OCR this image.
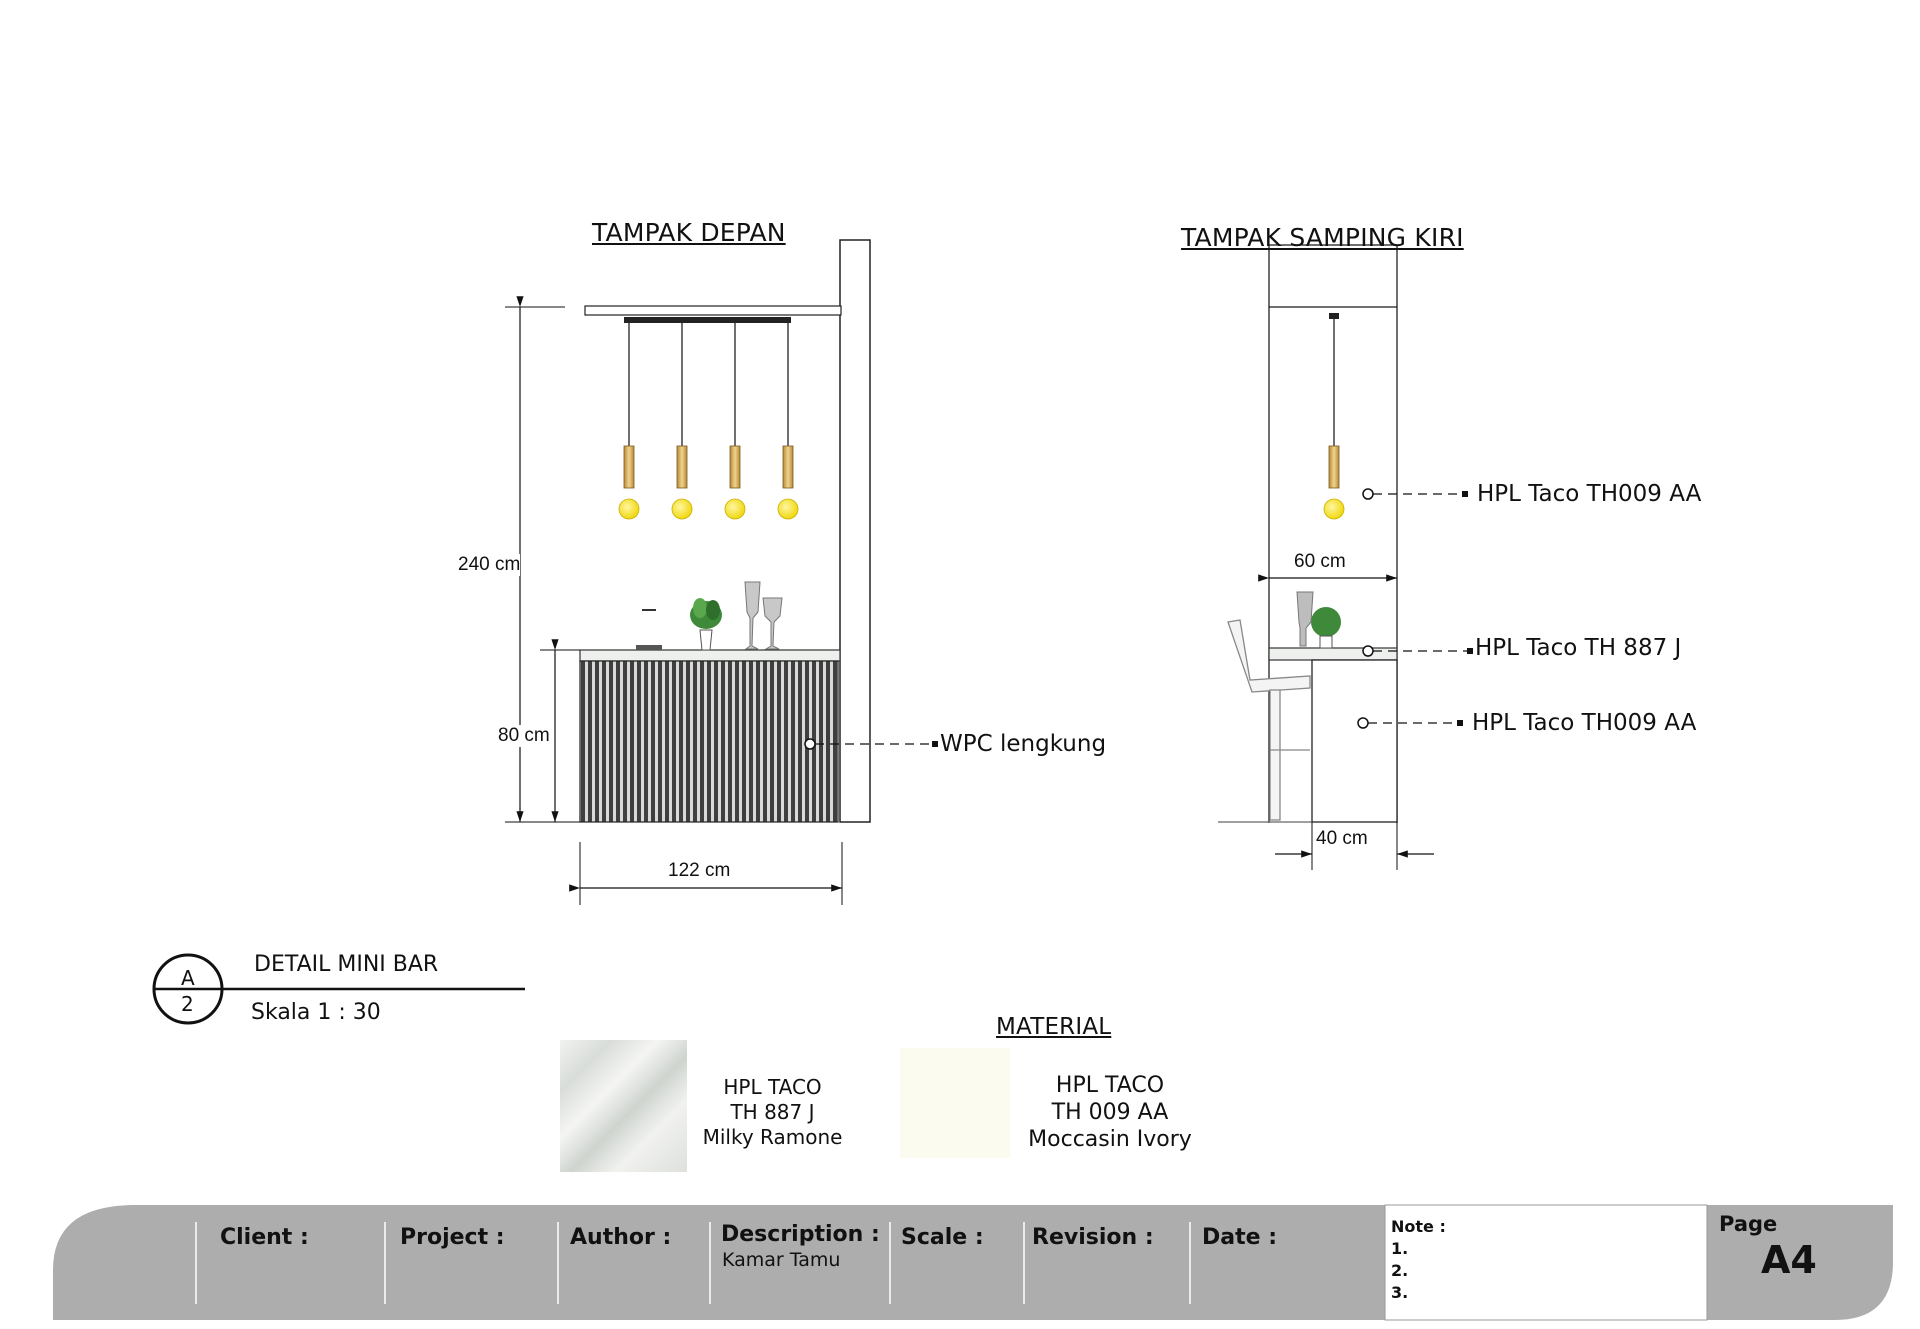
TAMPAK DEPAN	TAMPAK SAMPING KIRI
240 cm
80 cm
122 cm
WPC lengkung
60 cm
40 cm
HPL Taco TH009 AA
HPL Taco TH 887 J
HPL Taco TH009 AA
A
2
DETAIL MINI BAR
Skala 1 : 30
MATERIAL
HPL TACO
TH 887 J
Milky Ramone
HPL TACO
TH 009 AA
Moccasin Ivory
Client :	Project :	Author : Description :
Kamar Tamu
Scale : Revision : Date :	Note :
1.
2.
3.
Page
A4
